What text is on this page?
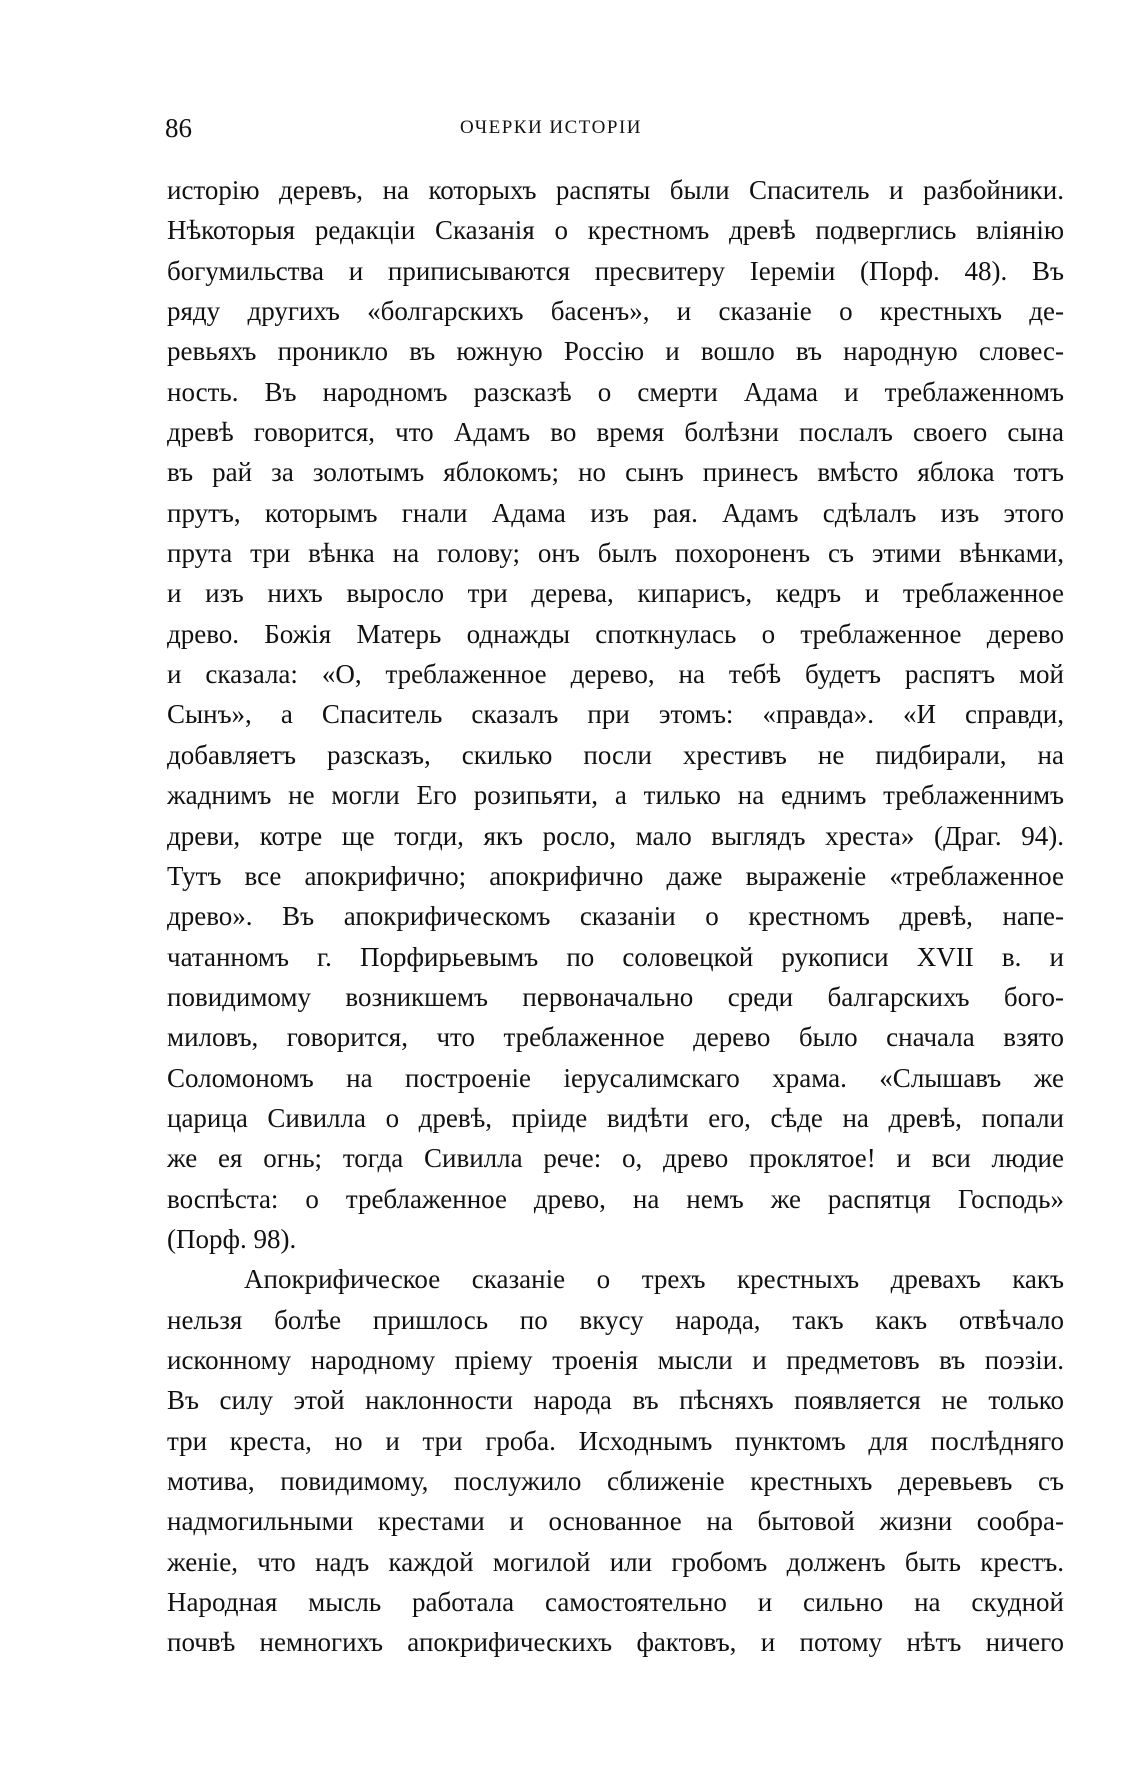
86	ОЧЕРКИ ИСТОРІИ
исторію деревъ, на которыхъ распяты были Спаситель и разбойники.
Нѣкоторыя редакціи Сказанія о крестномъ древѣ подверглись вліянію
богумильства и приписываются пресвитеру Іереміи (Порф. 48). Въ
ряду другихъ «болгарскихъ басенъ», и сказаніе о крестныхъ де-
ревьяхъ проникло въ южную Россію и вошло въ народную словес-
ность. Въ народномъ разсказѣ о смерти Адама и треблаженномъ
древѣ говорится, что Адамъ во время болѣзни послалъ своего сына
въ рай за золотымъ яблокомъ; но сынъ принесъ вмѣсто яблока тотъ
прутъ, которымъ гнали Адама изъ рая. Адамъ сдѣлалъ изъ этого
прута три вѣнка на голову; онъ былъ похороненъ съ этими вѣнками,
и изъ нихъ выросло три дерева, кипарисъ, кедръ и треблаженное
древо. Божія Матерь однажды споткнулась о треблаженное дерево
и сказала: «О, треблаженное дерево, на тебѣ будетъ распятъ мой
Сынъ», а Спаситель сказалъ при этомъ: «правда». «И справди,
добавляетъ разсказъ, скилько посли хрестивъ не пидбирали, на
жаднимъ не могли Его розипьяти, а тилько на еднимъ треблаженнимъ
древи, котре ще тогди, якъ росло, мало выглядъ хреста» (Драг. 94).
Тутъ все апокрифично; апокрифично даже выраженіе «треблаженное
древо». Въ апокрифическомъ сказаніи о крестномъ древѣ, напе-
чатанномъ г. Порфирьевымъ по соловецкой рукописи XVII в. и
повидимому возникшемъ первоначально среди балгарскихъ бого-
миловъ, говорится, что треблаженное дерево было сначала взято
Соломономъ на построеніе іерусалимскаго храма. «Слышавъ же
царица Сивилла о древѣ, пріиде видѣти его, сѣде на древѣ, попали
же ея огнь; тогда Сивилла рече: о, древо проклятое! и вси людие
воспѣста: о треблаженное древо, на немъ же распятця Господь»
(Порф. 98).
Апокрифическое сказаніе о трехъ крестныхъ древахъ какъ
нельзя болѣе пришлось по вкусу народа, такъ какъ отвѣчало
исконному народному пріему троенія мысли и предметовъ въ поэзіи.
Въ силу этой наклонности народа въ пѣсняхъ появляется не только
три креста, но и три гроба. Исходнымъ пунктомъ для послѣдняго
мотива, повидимому, послужило сближеніе крестныхъ деревьевъ съ
надмогильными крестами и основанное на бытовой жизни сообра-
женіе, что надъ каждой могилой или гробомъ долженъ быть крестъ.
Народная мысль работала самостоятельно и сильно на скудной
почвѣ немногихъ апокрифическихъ фактовъ, и потому нѣтъ ничего
